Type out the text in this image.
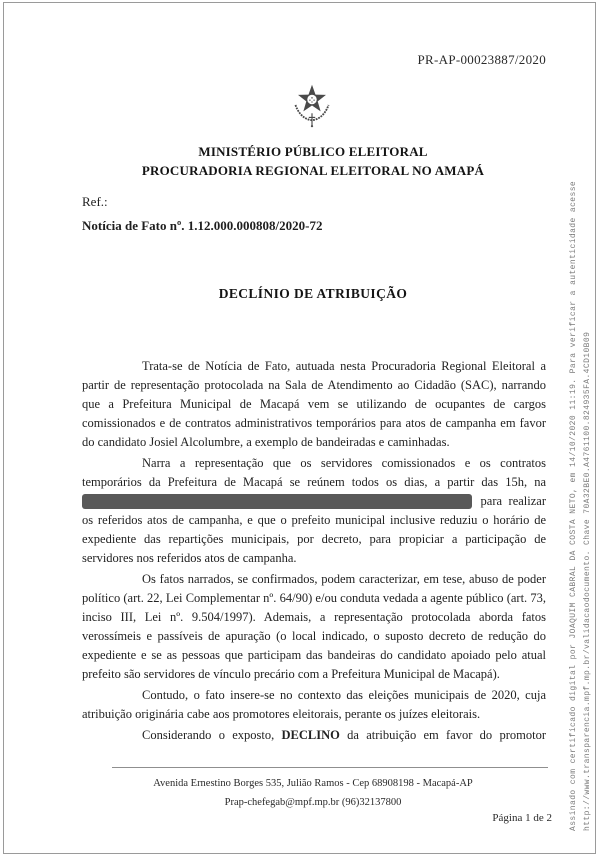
PR-AP-00023887/2020
MINISTÉRIO PÚBLICO ELEITORAL
PROCURADORIA REGIONAL ELEITORAL NO AMAPÁ
Ref.:
Notícia de Fato nº. 1.12.000.000808/2020-72
DECLÍNIO DE ATRIBUIÇÃO

Trata-se de Notícia de Fato, autuada nesta Procuradoria Regional Eleitoral a partir de representação protocolada na Sala de Atendimento ao Cidadão (SAC), narrando que a Prefeitura Municipal de Macapá vem se utilizando de ocupantes de cargos comissionados e de contratos administrativos temporários para atos de campanha em favor do candidato Josiel Alcolumbre, a exemplo de bandeiradas e caminhadas.

Narra a representação que os servidores comissionados e os contratos temporários da Prefeitura de Macapá se reúnem todos os dias, a partir das 15h, na  para realizar os referidos atos de campanha, e que o prefeito municipal inclusive reduziu o horário de expediente das repartições municipais, por decreto, para propiciar a participação de servidores nos referidos atos de campanha.

Os fatos narrados, se confirmados, podem caracterizar, em tese, abuso de poder político (art. 22, Lei Complementar nº. 64/90) e/ou conduta vedada a agente público (art. 73, inciso III, Lei nº. 9.504/1997). Ademais, a representação protocolada aborda fatos verossímeis e passíveis de apuração (o local indicado, o suposto decreto de redução do expediente e se as pessoas que participam das bandeiras do candidato apoiado pelo atual prefeito são servidores de vínculo precário com a Prefeitura Municipal de Macapá).

Contudo, o fato insere-se no contexto das eleições municipais de 2020, cuja atribuição originária cabe aos promotores eleitorais, perante os juízes eleitorais.

Considerando o exposto, DECLINO da atribuição em favor do promotor

Avenida Ernestino Borges 535, Julião Ramos - Cep 68908198 - Macapá-AP
Prap-chefegab@mpf.mp.br (96)32137800
Página 1 de 2 Assinado com certificado digital por JOAQUIM CABRAL DA COSTA NETO, em 14/10/2020 11:19. Para verificar a autenticidade acesse http://www.transparencia.mpf.mp.br/validacaodocumento. Chave 70A32BE0.A4761100.824935FA.4CD10B09
